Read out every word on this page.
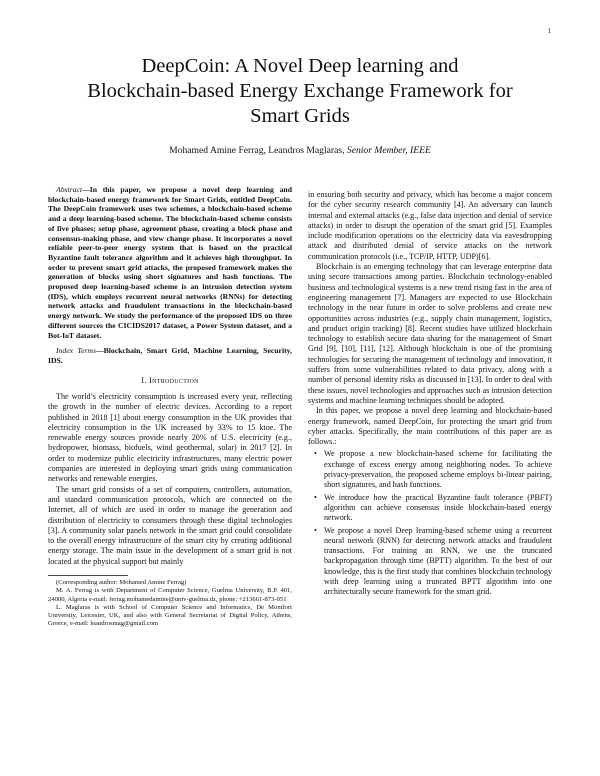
1
DeepCoin: A Novel Deep learning and
Blockchain-based Energy Exchange Framework for
Smart Grids
Mohamed Amine Ferrag, Leandros Maglaras, Senior Member, IEEE

Abstract—In this paper, we propose a novel deep learning and blockchain-based energy framework for Smart Grids, entitled DeepCoin. The DeepCoin framework uses two schemes, a blockchain-based scheme and a deep learning-based scheme. The blockchain-based scheme consists of five phases; setup phase, agreement phase, creating a block phase and consensus-making phase, and view change phase. It incorporates a novel reliable peer-to-peer energy system that is based on the practical Byzantine fault tolerance algorithm and it achieves high throughput. In order to prevent smart grid attacks, the proposed framework makes the generation of blocks using short signatures and hash functions. The proposed deep learning-based scheme is an intrusion detection system (IDS), which employs recurrent neural networks (RNNs) for detecting network attacks and fraudulent transactions in the blockchain-based energy network. We study the performance of the proposed IDS on three different sources the CICIDS2017 dataset, a Power System dataset, and a Bot-IoT dataset.

Index Terms—Blockchain, Smart Grid, Machine Learning, Security, IDS.

I. Introduction

The world’s electricity consumption is increased every year, reflecting the growth in the number of electric devices. According to a report published in 2018 [1] about energy consumption in the UK provides that electricity consumption in the UK increased by 33% to 15 ktoe. The renewable energy sources provide nearly 20% of U.S. electricity (e.g., hydropower, biomass, biofuels, wind geothermal, solar) in 2017 [2]. In order to modernize public electricity infrastructures, many electric power companies are interested in deploying smart grids using communication networks and renewable energies.

The smart grid consists of a set of computers, controllers, automation, and standard communication protocols, which are connected on the Internet, all of which are used in order to manage the generation and distribution of electricity to consumers through these digital technologies [3]. A community solar panels network in the smart grid could consolidate to the overall energy infrastructure of the smart city by creating additional energy storage. The main issue in the development of a smart grid is not located at the physical support but mainly

(Corresponding author: Mohamed Amine Ferrag)

M. A. Ferrag is with Department of Computer Science, Guelma University, B.P. 401, 24000, Algeria e-mail: ferrag.mohamedamine@univ-guelma.dz, phone: +213661-873-051

L. Maglaras is with School of Computer Science and Informatics, De Montfort University, Leicester, UK, and also with General Secretariat of Digital Policy, Athens, Greece, e-mail: leandrosmag@gmail.com

in ensuring both security and privacy, which has become a major concern for the cyber security research community [4]. An adversary can launch internal and external attacks (e.g., false data injection and denial of service attacks) in order to disrupt the operation of the smart grid [5]. Examples include modification operations on the electricity data via eavesdropping attack and distributed denial of service attacks on the network communication protocols (i.e., TCP/IP, HTTP, UDP)[6].

Blockchain is an emerging technology that can leverage enterprise data using secure transactions among parties. Blockchain technology-enabled business and technological systems is a new trend rising fast in the area of engineering management [7]. Managers are expected to use Blockchain technology in the near future in order to solve problems and create new opportunities across industries (e.g., supply chain management, logistics, and product origin tracking) [8]. Recent studies have utilized blockchain technology to establish secure data sharing for the management of Smart Grid [9], [10], [11], [12]. Although blockchain is one of the promising technologies for securing the management of technology and innovation, it suffers from some vulnerabilities related to data privacy, along with a number of personal identity risks as discussed in [13]. In order to deal with these issues, novel technologies and approaches such as intrusion detection systems and machine learning techniques should be adopted.

In this paper, we propose a novel deep learning and blockchain-based energy framework, named DeepCoin, for protecting the smart grid from cyber attacks. Specifically, the main contributions of this paper are as follows.:

• We propose a new blockchain-based scheme for facilitating the exchange of excess energy among neighboring nodes. To achieve privacy-preservation, the proposed scheme employs bi-linear pairing, short signatures, and hash functions.
• We introduce how the practical Byzantine fault tolerance (PBFT) algorithm can achieve consensus inside blockchain-based energy network.
• We propose a novel Deep learning-based scheme using a recurrent neural network (RNN) for detecting network attacks and fraudulent transactions. For training an RNN, we use the truncated backpropagation through time (BPTT) algorithm. To the best of our knowledge, this is the first study that combines blockchain technology with deep learning using a truncated BPTT algorithm into one architecturally secure framework for the smart grid.
